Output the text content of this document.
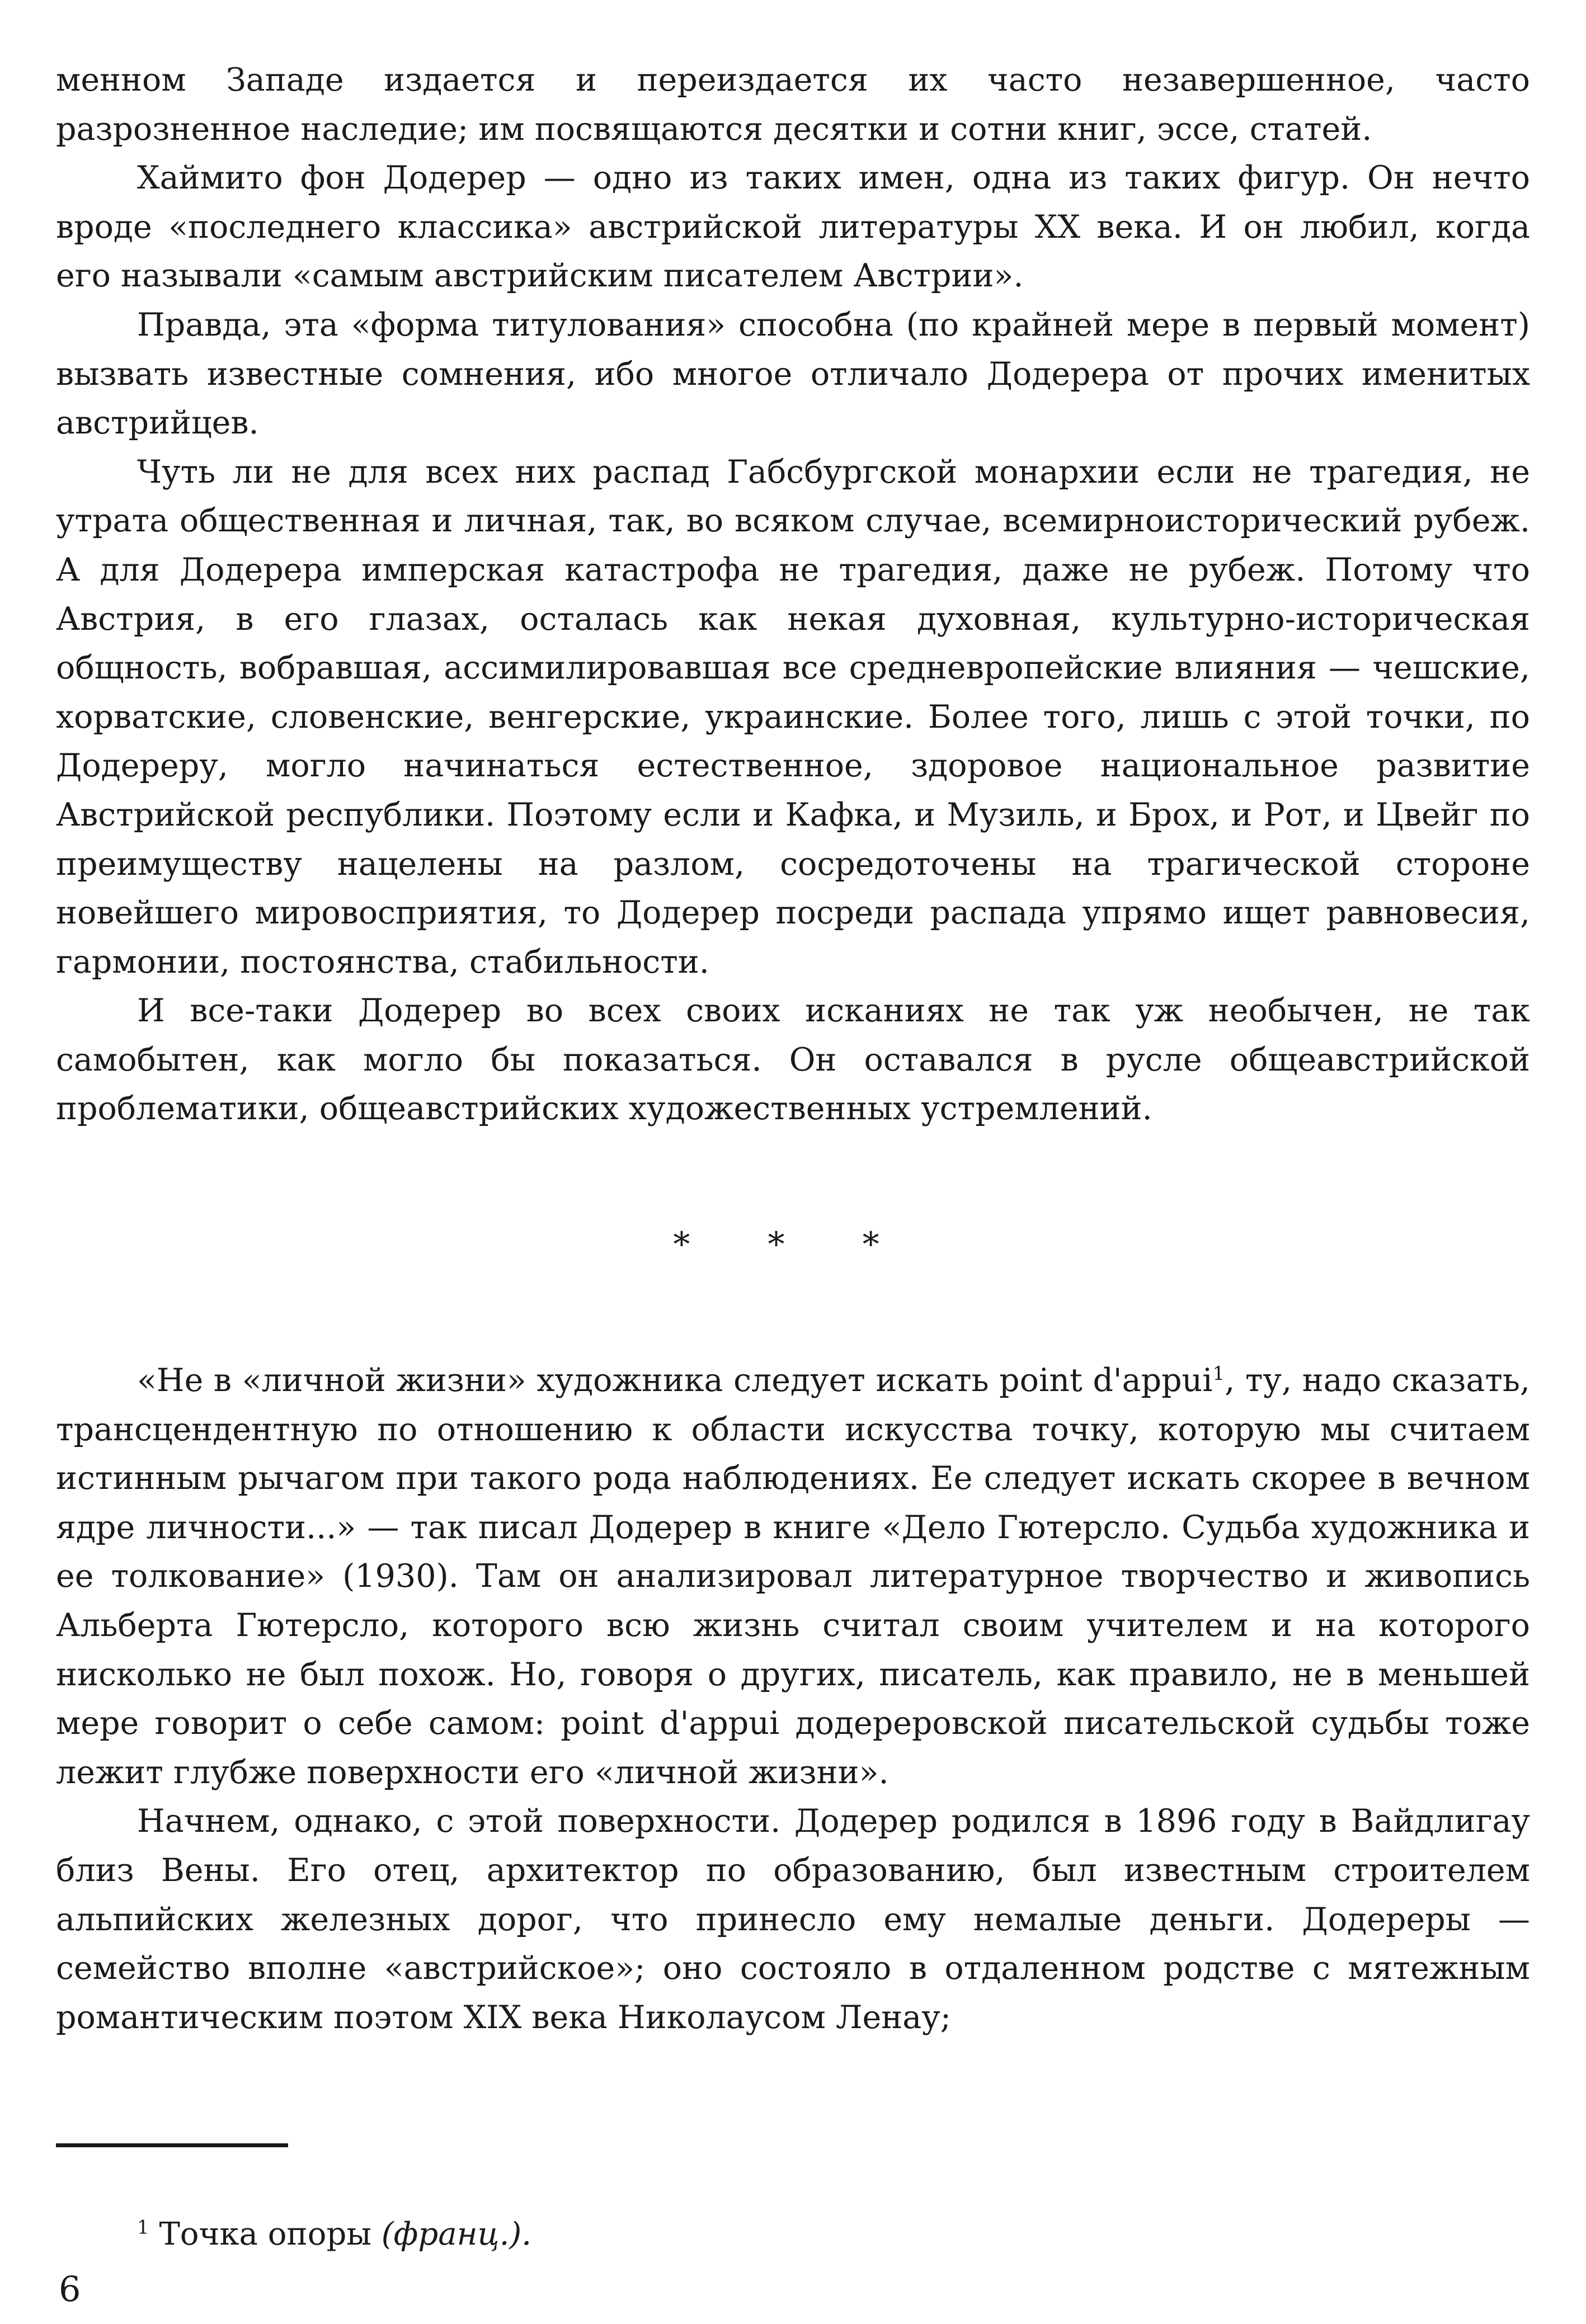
менном Западе издается и переиздается их часто незавершенное, часто разрозненное наследие; им посвящаются десятки и сотни книг, эссе, статей.

Хаймито фон Додерер — одно из таких имен, одна из таких фигур. Он нечто вроде «последнего классика» австрийской литературы XX века. И он любил, когда его называли «самым австрийским писателем Австрии».

Правда, эта «форма титулования» способна (по крайней мере в первый момент) вызвать известные сомнения, ибо многое отличало Додерера от прочих именитых австрийцев.

Чуть ли не для всех них распад Габсбургской монархии если не трагедия, не утрата общественная и личная, так, во всяком случае, всемирноисторический рубеж. А для Додерера имперская катастрофа не трагедия, даже не рубеж. Потому что Австрия, в его глазах, осталась как некая духовная, культурно-историческая общность, вобравшая, ассимилировавшая все средневропейские влияния — чешские, хорватские, словенские, венгерские, украинские. Более того, лишь с этой точки, по Додереру, могло начинаться естественное, здоровое национальное развитие Австрийской республики. Поэтому если и Кафка, и Музиль, и Брох, и Рот, и Цвейг по преимуществу нацелены на разлом, сосредоточены на трагической стороне новейшего мировосприятия, то Додерер посреди распада упрямо ищет равновесия, гармонии, постоянства, стабильности.

И все-таки Додерер во всех своих исканиях не так уж необычен, не так самобытен, как могло бы показаться. Он оставался в русле общеавстрийской проблематики, общеавстрийских художественных устремлений.

* * *

«Не в «личной жизни» художника следует искать point d'appui$^1$, ту, надо сказать, трансцендентную по отношению к области искусства точку, которую мы считаем истинным рычагом при такого рода наблюдениях. Ее следует искать скорее в вечном ядре личности...» — так писал Додерер в книге «Дело Гютерсло. Судьба художника и ее толкование» (1930). Там он анализировал литературное творчество и живопись Альберта Гютерсло, которого всю жизнь считал своим учителем и на которого нисколько не был похож. Но, говоря о других, писатель, как правило, не в меньшей мере говорит о себе самом: point d'appui додереровской писательской судьбы тоже лежит глубже поверхности его «личной жизни».

Начнем, однако, с этой поверхности. Додерер родился в 1896 году в Вайдлигау близ Вены. Его отец, архитектор по образованию, был известным строителем альпийских железных дорог, что принесло ему немалые деньги. Додереры — семейство вполне «австрийское»; оно состояло в отдаленном родстве с мятежным романтическим поэтом XIX века Николаусом Ленау;

$^1$ Точка опоры (франц.).
6
